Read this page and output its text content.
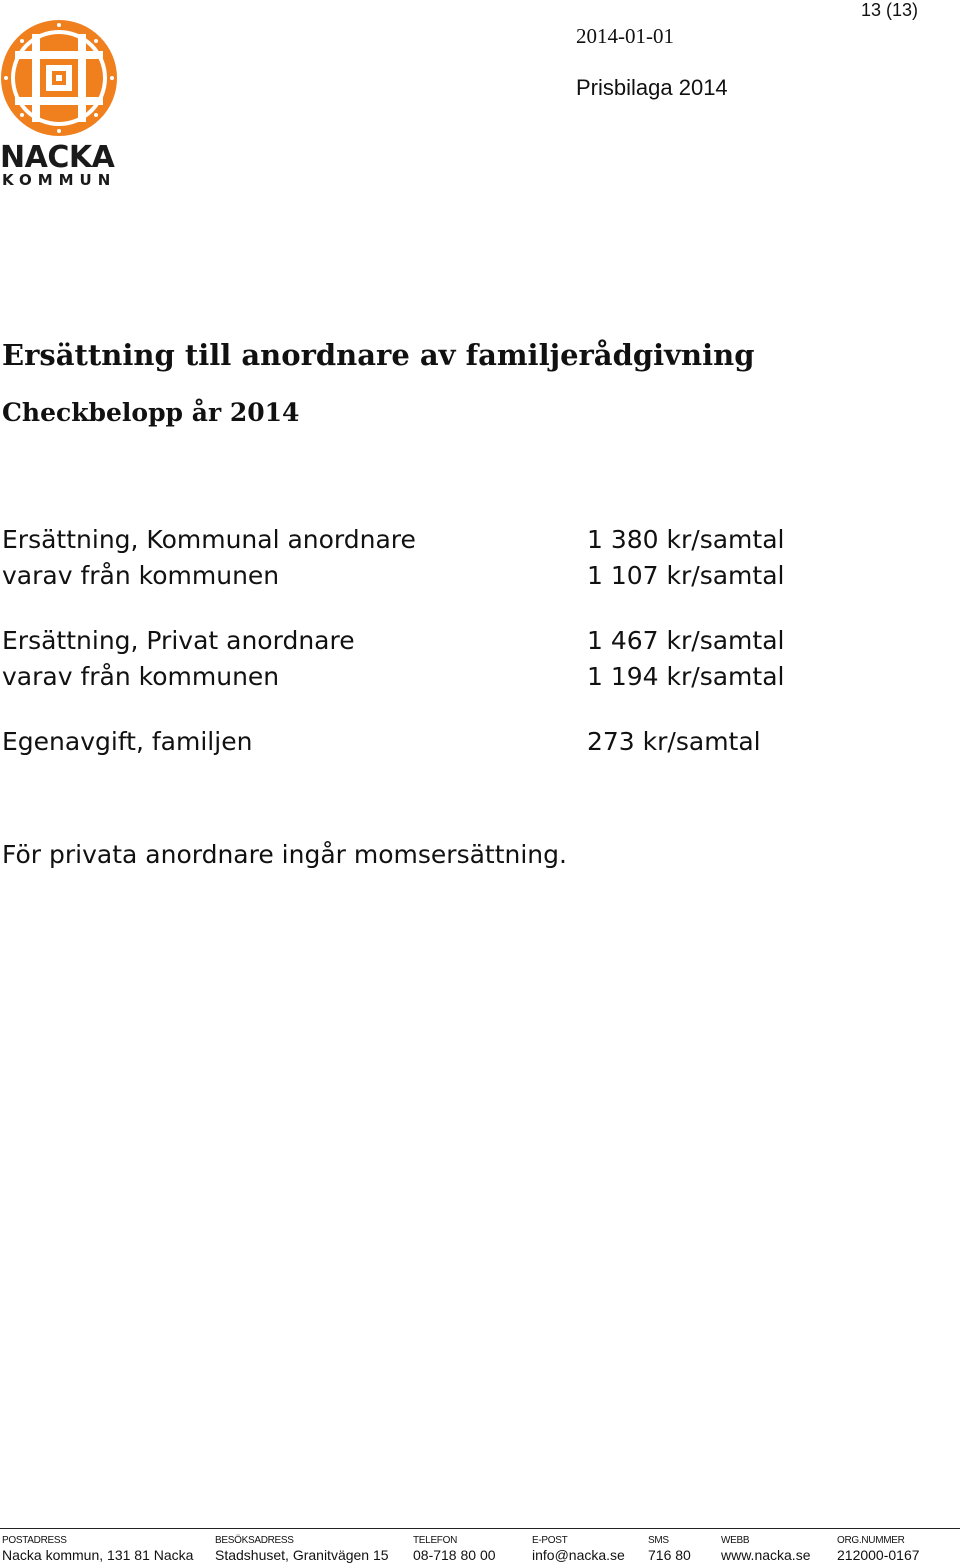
13 (13)
2014-01-01
Prisbilaga 2014
NACKA
KOMMUN
Ersättning till anordnare av familjerådgivning
Checkbelopp år 2014
Ersättning, Kommunal anordnare	1 380 kr/samtal
varav från kommunen	1 107 kr/samtal
Ersättning, Privat anordnare	1 467 kr/samtal
varav från kommunen	1 194 kr/samtal
Egenavgift, familjen	273 kr/samtal
För privata anordnare ingår momsersättning.
POSTADRESS
Nacka kommun, 131 81 Nacka
BESÖKSADRESS
Stadshuset, Granitvägen 15
TELEFON
08-718 80 00
E-POST
info@nacka.se
SMS
716 80
WEBB
www.nacka.se
ORG.NUMMER
212000-0167
